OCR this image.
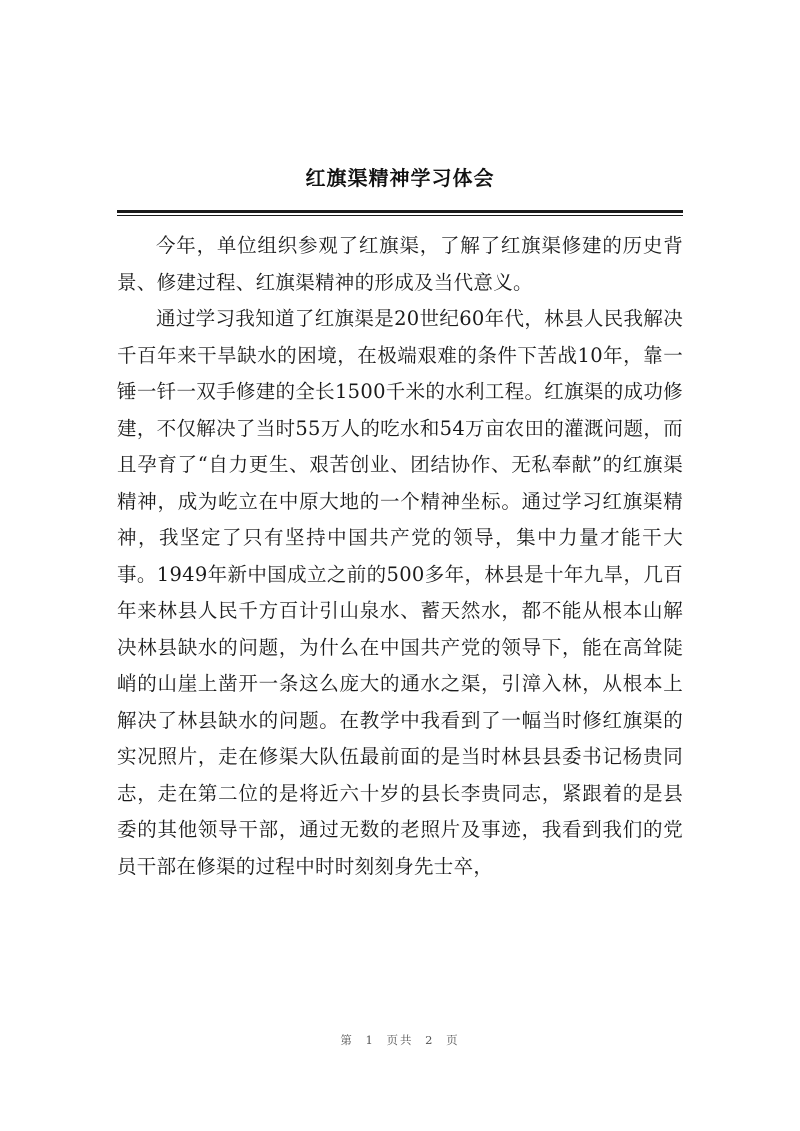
红旗渠精神学习体会

今年，单位组织参观了红旗渠，了解了红旗渠修建的历史背景、修建过程、红旗渠精神的形成及当代意义。

通过学习我知道了红旗渠是20世纪60年代，林县人民我解决千百年来干旱缺水的困境，在极端艰难的条件下苦战10年，靠一锤一钎一双手修建的全长1500千米的水利工程。红旗渠的成功修建，不仅解决了当时55万人的吃水和54万亩农田的灌溉问题，而且孕育了“自力更生、艰苦创业、团结协作、无私奉献”的红旗渠精神，成为屹立在中原大地的一个精神坐标。通过学习红旗渠精神，我坚定了只有坚持中国共产党的领导，集中力量才能干大事。1949年新中国成立之前的500多年，林县是十年九旱，几百年来林县人民千方百计引山泉水、蓄天然水，都不能从根本山解决林县缺水的问题，为什么在中国共产党的领导下，能在高耸陡峭的山崖上凿开一条这么庞大的通水之渠，引漳入林，从根本上解决了林县缺水的问题。在教学中我看到了一幅当时修红旗渠的实况照片，走在修渠大队伍最前面的是当时林县县委书记杨贵同志，走在第二位的是将近六十岁的县长李贵同志，紧跟着的是县委的其他领导干部，通过无数的老照片及事迹，我看到我们的党员干部在修渠的过程中时时刻刻身先士卒，

第 1 页共 2 页
